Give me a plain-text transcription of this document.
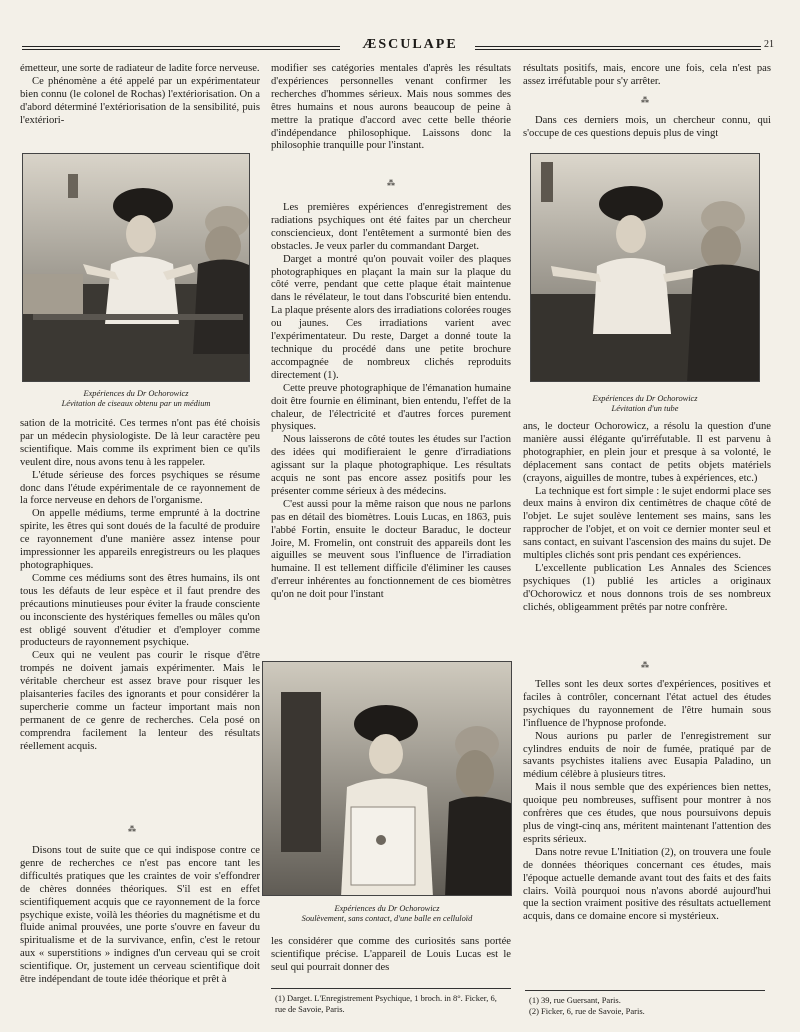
ÆSCULAPE	21

émetteur, une sorte de radiateur de ladite force nerveuse.

Ce phénomène a été appelé par un expérimentateur bien connu (le colonel de Rochas) l'extériorisation. On a d'abord déterminé l'extériorisation de la sensibilité, puis l'extériori-

Expériences du Dr Ochorowicz
Lévitation de ciseaux obtenu par un médium

sation de la motricité. Ces termes n'ont pas été choisis par un médecin physiologiste. De là leur caractère peu scientifique. Mais comme ils expriment bien ce qu'ils veulent dire, nous avons tenu à les rappeler.

L'étude sérieuse des forces psychiques se résume donc dans l'étude expérimentale de ce rayonnement de la force nerveuse en dehors de l'organisme.

On appelle médiums, terme emprunté à la doctrine spirite, les êtres qui sont doués de la faculté de produire ce rayonnement d'une manière assez intense pour impressionner les appareils enregistreurs ou les plaques photographiques.

Comme ces médiums sont des êtres humains, ils ont tous les défauts de leur espèce et il faut prendre des précautions minutieuses pour éviter la fraude consciente ou inconsciente des hystériques femelles ou mâles qu'on est obligé souvent d'étudier et d'employer comme producteurs de rayonnement psychique.

Ceux qui ne veulent pas courir le risque d'être trompés ne doivent jamais expérimenter. Mais le véritable chercheur est assez brave pour risquer les plaisanteries faciles des ignorants et pour considérer la supercherie comme un facteur important mais non permanent de ce genre de recherches. Cela posé on comprendra facilement la lenteur des résultats réellement acquis.

⁂

Disons tout de suite que ce qui indispose contre ce genre de recherches ce n'est pas encore tant les difficultés pratiques que les craintes de voir s'effondrer de chères données théoriques. S'il est en effet scientifiquement acquis que ce rayonnement de la force psychique existe, voilà les théories du magnétisme et du fluide animal prouvées, une porte s'ouvre en faveur du spiritualisme et de la survivance, enfin, c'est le retour aux « superstitions » indignes d'un cerveau qui se croit scientifique. Or, justement un cerveau scientifique doit être indépendant de toute idée théorique et prêt à

modifier ses catégories mentales d'après les résultats d'expériences personnelles venant confirmer les recherches d'hommes sérieux. Mais nous sommes des êtres humains et nous aurons beaucoup de peine à mettre la pratique d'accord avec cette belle théorie d'indépendance philosophique. Laissons donc la philosophie tranquille pour l'instant.

⁂

Les premières expériences d'enregistrement des radiations psychiques ont été faites par un chercheur consciencieux, dont l'entêtement a surmonté bien des obstacles. Je veux parler du commandant Darget.

Darget a montré qu'on pouvait voiler des plaques photographiques en plaçant la main sur la plaque du côté verre, pendant que cette plaque était maintenue dans le révélateur, le tout dans l'obscurité bien entendu. La plaque présente alors des irradiations colorées rouges ou jaunes. Ces irradiations varient avec l'expérimentateur. Du reste, Darget a donné toute la technique du procédé dans une petite brochure accompagnée de nombreux clichés reproduits directement (1).

Cette preuve photographique de l'émanation humaine doit être fournie en éliminant, bien entendu, l'effet de la chaleur, de l'électricité et d'autres forces purement physiques.

Nous laisserons de côté toutes les études sur l'action des idées qui modifieraient le genre d'irradiations agissant sur la plaque photographique. Les résultats acquis ne sont pas encore assez positifs pour les présenter comme sérieux à des médecins.

C'est aussi pour la même raison que nous ne parlons pas en détail des biomètres. Louis Lucas, en 1863, puis l'abbé Fortin, ensuite le docteur Baraduc, le docteur Joire, M. Fromelin, ont construit des appareils dont les aiguilles se meuvent sous l'influence de l'irradiation humaine. Il est tellement difficile d'éliminer les causes d'erreur inhérentes au fonctionnement de ces biomètres qu'on ne doit pour l'instant

Expériences du Dr Ochorowicz
Soulèvement, sans contact, d'une balle en celluloïd

les considérer que comme des curiosités sans portée scientifique précise. L'appareil de Louis Lucas est le seul qui pourrait donner des

(1) Darget. L'Enregistrement Psychique, 1 broch. in 8°. Ficker, 6, rue de Savoie, Paris.

résultats positifs, mais, encore une fois, cela n'est pas assez irréfutable pour s'y arrêter.

⁂

Dans ces derniers mois, un chercheur connu, qui s'occupe de ces questions depuis plus de vingt

Expériences du Dr Ochorowicz
Lévitation d'un tube

ans, le docteur Ochorowicz, a résolu la question d'une manière aussi élégante qu'irréfutable. Il est parvenu à photographier, en plein jour et presque à sa volonté, le déplacement sans contact de petits objets matériels (crayons, aiguilles de montre, tubes à expériences, etc.)

La technique est fort simple : le sujet endormi place ses deux mains à environ dix centimètres de chaque côté de l'objet. Le sujet soulève lentement ses mains, sans les rapprocher de l'objet, et on voit ce dernier monter seul et sans contact, en suivant l'ascension des mains du sujet. De multiples clichés sont pris pendant ces expériences.

L'excellente publication Les Annales des Sciences psychiques (1) publié les articles a originaux d'Ochorowicz et nous donnons trois de ses nombreux clichés, obligeamment prêtés par notre confrère.

⁂

Telles sont les deux sortes d'expériences, positives et faciles à contrôler, concernant l'état actuel des études psychiques du rayonnement de l'être humain sous l'influence de l'hypnose profonde.

Nous aurions pu parler de l'enregistrement sur cylindres enduits de noir de fumée, pratiqué par de savants psychistes italiens avec Eusapia Paladino, un médium célèbre à plusieurs titres.

Mais il nous semble que des expériences bien nettes, quoique peu nombreuses, suffisent pour montrer à nos confrères que ces études, que nous poursuivons depuis plus de vingt-cinq ans, méritent maintenant l'attention des esprits sérieux.

Dans notre revue L'Initiation (2), on trouvera une foule de données théoriques concernant ces études, mais l'époque actuelle demande avant tout des faits et des faits clairs. Voilà pourquoi nous n'avons abordé aujourd'hui que la section vraiment positive des résultats actuellement acquis, dans ce domaine encore si mystérieux.

(1) 39, rue Guersant, Paris.
(2) Ficker, 6, rue de Savoie, Paris.
